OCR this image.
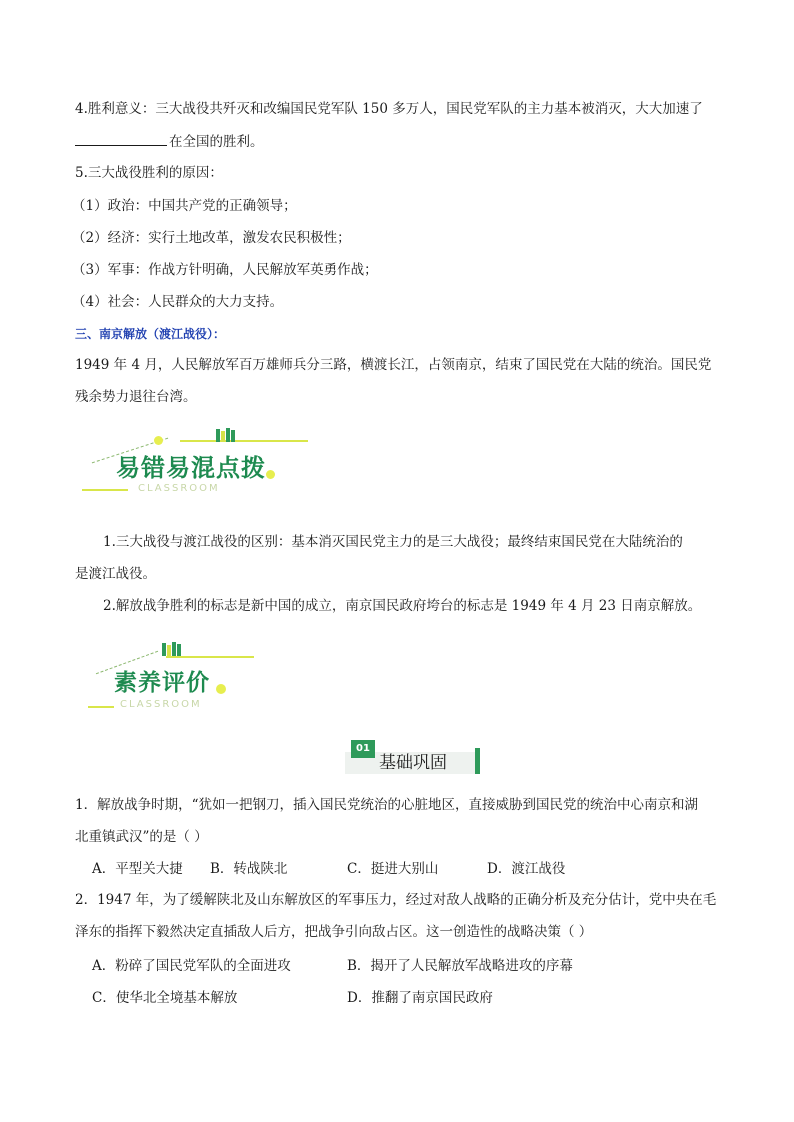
4.胜利意义：三大战役共歼灭和改编国民党军队 150 多万人，国民党军队的主力基本被消灭，大大加速了
在全国的胜利。
5.三大战役胜利的原因：
（1）政治：中国共产党的正确领导；
（2）经济：实行土地改革，激发农民积极性；
（3）军事：作战方针明确，人民解放军英勇作战；
（4）社会：人民群众的大力支持。
三、南京解放（渡江战役）：
1949 年 4 月，人民解放军百万雄师兵分三路，横渡长江，占领南京，结束了国民党在大陆的统治。国民党
残余势力退往台湾。
易错易混点拨
CLASSROOM
1.三大战役与渡江战役的区别：基本消灭国民党主力的是三大战役；最终结束国民党在大陆统治的
是渡江战役。
2.解放战争胜利的标志是新中国的成立，南京国民政府垮台的标志是 1949 年 4 月 23 日南京解放。
素养评价
CLASSROOM
01
基础巩固
1．解放战争时期，“犹如一把钢刀，插入国民党统治的心脏地区，直接威胁到国民党的统治中心南京和湖
北重镇武汉”的是（ ）
A．平型关大捷 B．转战陕北	C．挺进大别山	D．渡江战役
2．1947 年，为了缓解陕北及山东解放区的军事压力，经过对敌人战略的正确分析及充分估计，党中央在毛
泽东的指挥下毅然决定直插敌人后方，把战争引向敌占区。这一创造性的战略决策（ ）
A．粉碎了国民党军队的全面进攻	B．揭开了人民解放军战略进攻的序幕
C．使华北全境基本解放	D．推翻了南京国民政府
